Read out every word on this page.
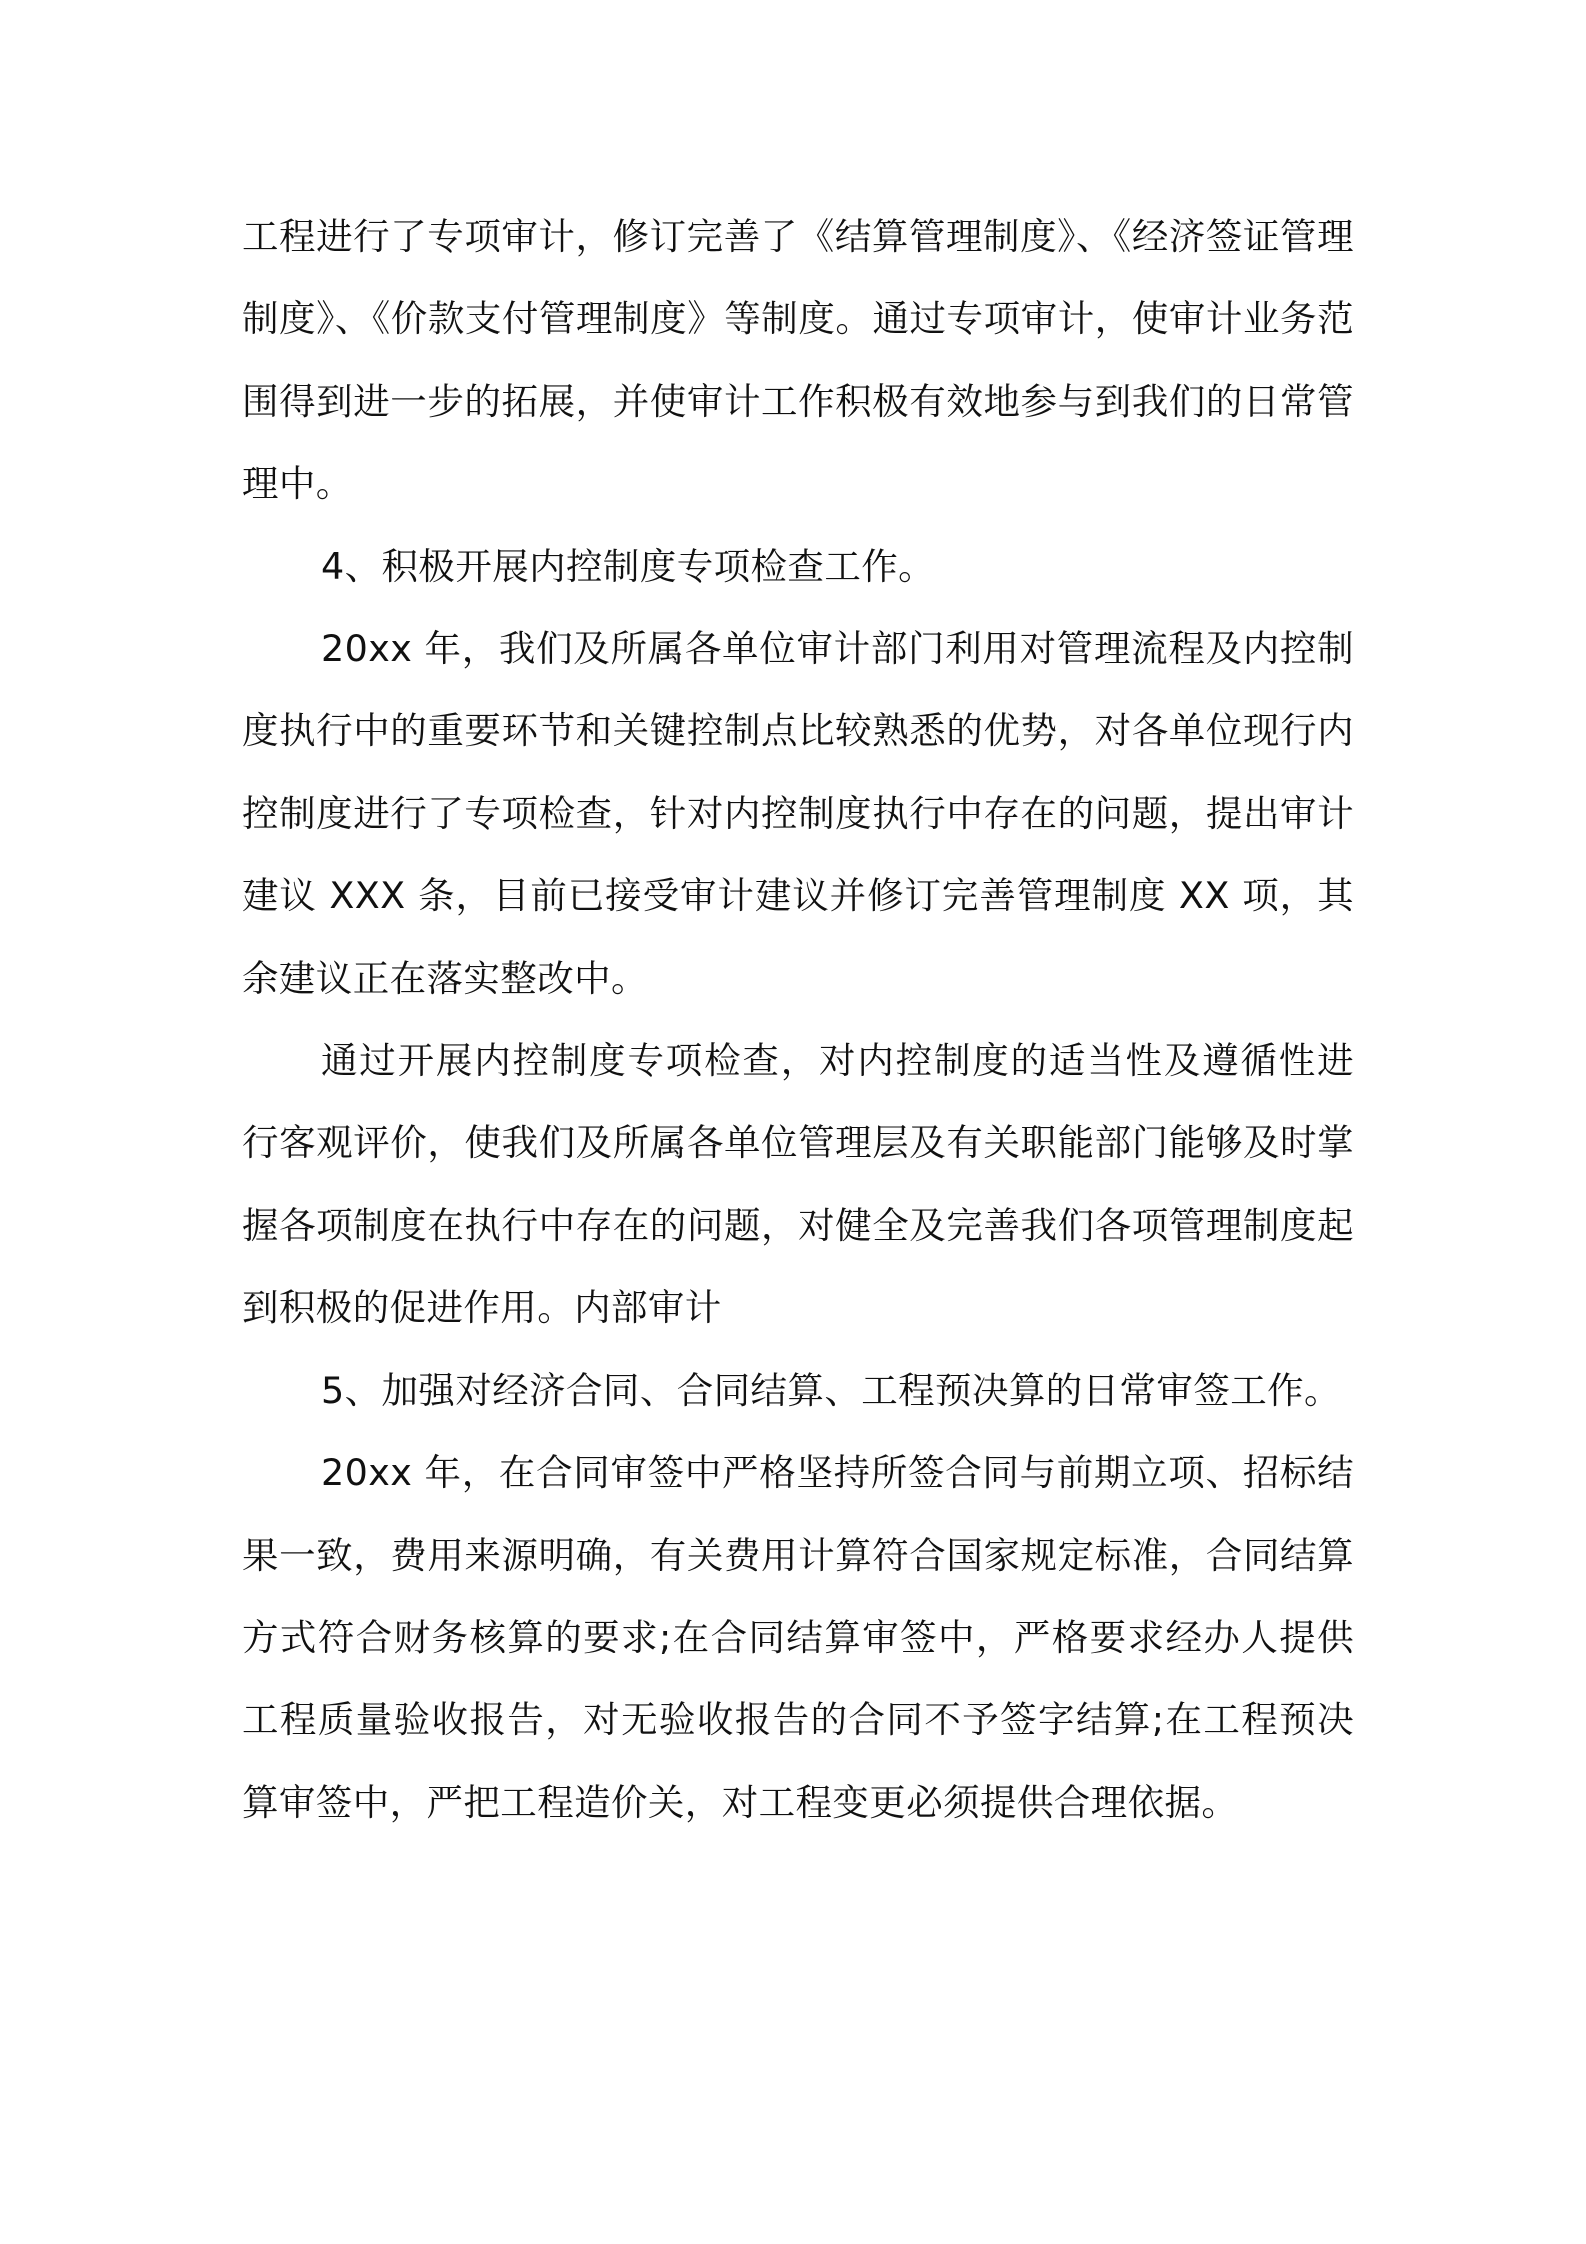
工程进行了专项审计，修订完善了《结算管理制度》、《经济签证管理制度》、《价款支付管理制度》等制度。通过专项审计，使审计业务范围得到进一步的拓展，并使审计工作积极有效地参与到我们的日常管理中。

4、积极开展内控制度专项检查工作。

20xx 年，我们及所属各单位审计部门利用对管理流程及内控制度执行中的重要环节和关键控制点比较熟悉的优势，对各单位现行内控制度进行了专项检查，针对内控制度执行中存在的问题，提出审计建议 XXX 条，目前已接受审计建议并修订完善管理制度 XX 项，其余建议正在落实整改中。

通过开展内控制度专项检查，对内控制度的适当性及遵循性进行客观评价，使我们及所属各单位管理层及有关职能部门能够及时掌握各项制度在执行中存在的问题，对健全及完善我们各项管理制度起到积极的促进作用。内部审计

5、加强对经济合同、合同结算、工程预决算的日常审签工作。

20xx 年，在合同审签中严格坚持所签合同与前期立项、招标结果一致，费用来源明确，有关费用计算符合国家规定标准，合同结算方式符合财务核算的要求;在合同结算审签中，严格要求经办人提供工程质量验收报告，对无验收报告的合同不予签字结算;在工程预决算审签中，严把工程造价关，对工程变更必须提供合理依据。
